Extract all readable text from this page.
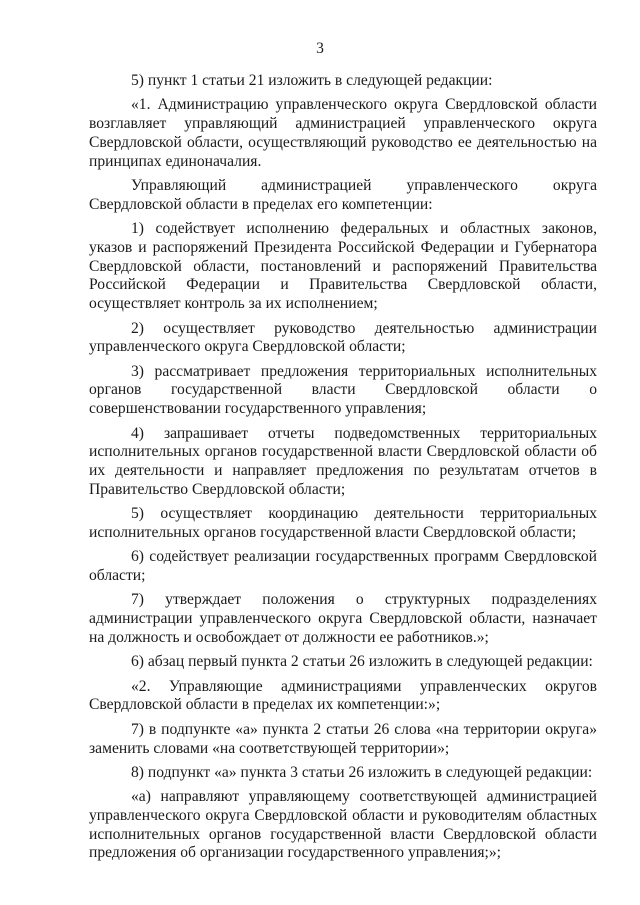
3

5) пункт 1 статьи 21 изложить в следующей редакции:

«1. Администрацию управленческого округа Свердловской области возглавляет управляющий администрацией управленческого округа Свердловской области, осуществляющий руководство ее деятельностью на принципах единоначалия.

Управляющий администрацией управленческого округа Свердловской области в пределах его компетенции:

1) содействует исполнению федеральных и областных законов, указов и распоряжений Президента Российской Федерации и Губернатора Свердловской области, постановлений и распоряжений Правительства Российской Федерации и Правительства Свердловской области, осуществляет контроль за их исполнением;

2) осуществляет руководство деятельностью администрации управленческого округа Свердловской области;

3) рассматривает предложения территориальных исполнительных органов государственной власти Свердловской области о совершенствовании государственного управления;

4) запрашивает отчеты подведомственных территориальных исполнительных органов государственной власти Свердловской области об их деятельности и направляет предложения по результатам отчетов в Правительство Свердловской области;

5) осуществляет координацию деятельности территориальных исполнительных органов государственной власти Свердловской области;

6) содействует реализации государственных программ Свердловской области;

7) утверждает положения о структурных подразделениях администрации управленческого округа Свердловской области, назначает на должность и освобождает от должности ее работников.»;

6) абзац первый пункта 2 статьи 26 изложить в следующей редакции:

«2. Управляющие администрациями управленческих округов Свердловской области в пределах их компетенции:»;

7) в подпункте «а» пункта 2 статьи 26 слова «на территории округа» заменить словами «на соответствующей территории»;

8) подпункт «а» пункта 3 статьи 26 изложить в следующей редакции:

«а) направляют управляющему соответствующей администрацией управленческого округа Свердловской области и руководителям областных исполнительных органов государственной власти Свердловской области предложения об организации государственного управления;»;
